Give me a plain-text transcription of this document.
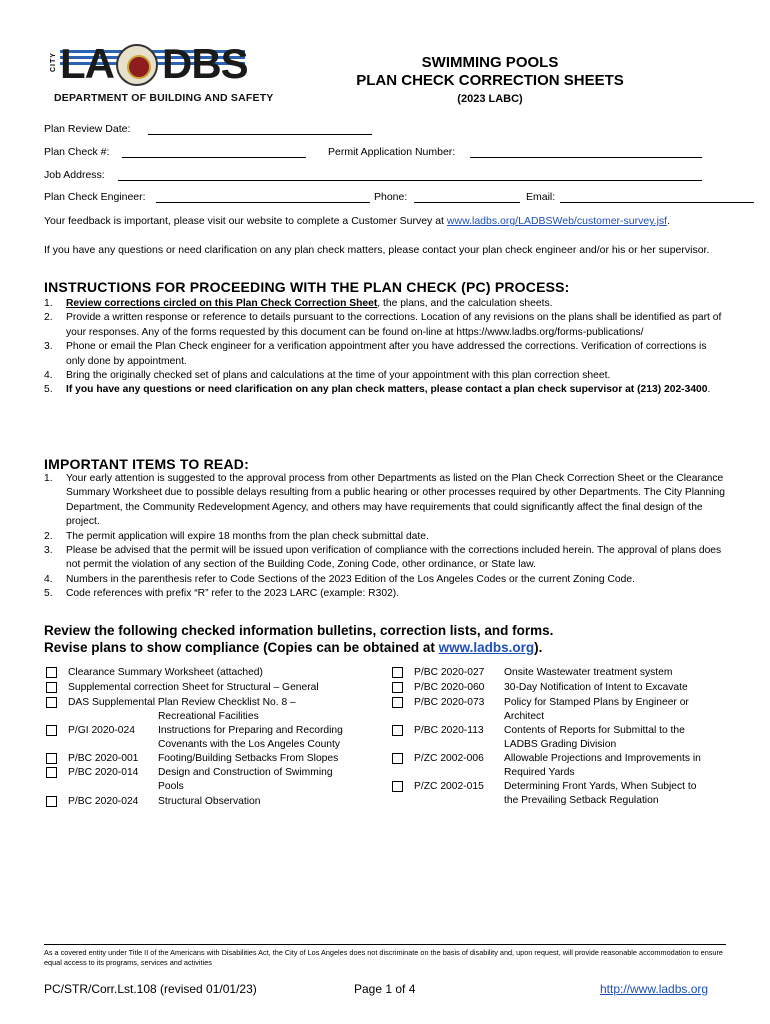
CITY LA DBS
DEPARTMENT OF BUILDING AND SAFETY
SWIMMING POOLS
PLAN CHECK CORRECTION SHEETS
(2023 LABC)
Plan Review Date:
Plan Check #:	Permit Application Number:
Job Address:
Plan Check Engineer:	Phone:	Email:
Your feedback is important, please visit our website to complete a Customer Survey at www.ladbs.org/LADBSWeb/customer-survey.jsf.
If you have any questions or need clarification on any plan check matters, please contact your plan check engineer and/or his or her supervisor.
INSTRUCTIONS FOR PROCEEDING WITH THE PLAN CHECK (PC) PROCESS:
1. Review corrections circled on this Plan Check Correction Sheet, the plans, and the calculation sheets.
2. Provide a written response or reference to details pursuant to the corrections. Location of any revisions on the plans shall be identified as part of your responses. Any of the forms requested by this document can be found on-line at https://www.ladbs.org/forms-publications/
3. Phone or email the Plan Check engineer for a verification appointment after you have addressed the corrections. Verification of corrections is only done by appointment.
4. Bring the originally checked set of plans and calculations at the time of your appointment with this plan correction sheet.
5. If you have any questions or need clarification on any plan check matters, please contact a plan check supervisor at (213) 202-3400.
IMPORTANT ITEMS TO READ:
1. Your early attention is suggested to the approval process from other Departments as listed on the Plan Check Correction Sheet or the Clearance Summary Worksheet due to possible delays resulting from a public hearing or other processes required by other Departments. The City Planning Department, the Community Redevelopment Agency, and others may have requirements that could significantly affect the final design of the project.
2. The permit application will expire 18 months from the plan check submittal date.
3. Please be advised that the permit will be issued upon verification of compliance with the corrections included herein. The approval of plans does not permit the violation of any section of the Building Code, Zoning Code, other ordinance, or State law.
4. Numbers in the parenthesis refer to Code Sections of the 2023 Edition of the Los Angeles Codes or the current Zoning Code.
5. Code references with prefix “R” refer to the 2023 LARC (example: R302).
Review the following checked information bulletins, correction lists, and forms.
Revise plans to show compliance (Copies can be obtained at www.ladbs.org).
Clearance Summary Worksheet (attached)
Supplemental correction Sheet for Structural – General
DAS Supplemental Plan Review Checklist No. 8 –
Recreational Facilities
P/GI 2020-024 Instructions for Preparing and Recording
Covenants with the Los Angeles County
P/BC 2020-001 Footing/Building Setbacks From Slopes
P/BC 2020-014 Design and Construction of Swimming
Pools
P/BC 2020-024 Structural Observation
P/BC 2020-027 Onsite Wastewater treatment system
P/BC 2020-060 30-Day Notification of Intent to Excavate
P/BC 2020-073 Policy for Stamped Plans by Engineer or
Architect
P/BC 2020-113 Contents of Reports for Submittal to the
LADBS Grading Division
P/ZC 2002-006 Allowable Projections and Improvements in
Required Yards
P/ZC 2002-015 Determining Front Yards, When Subject to
the Prevailing Setback Regulation
As a covered entity under Title II of the Americans with Disabilities Act, the City of Los Angeles does not discriminate on the basis of disability and, upon request, will provide reasonable accommodation to ensure equal access to its programs, services and activities
PC/STR/Corr.Lst.108 (revised 01/01/23)	Page 1 of 4	http://www.ladbs.org
